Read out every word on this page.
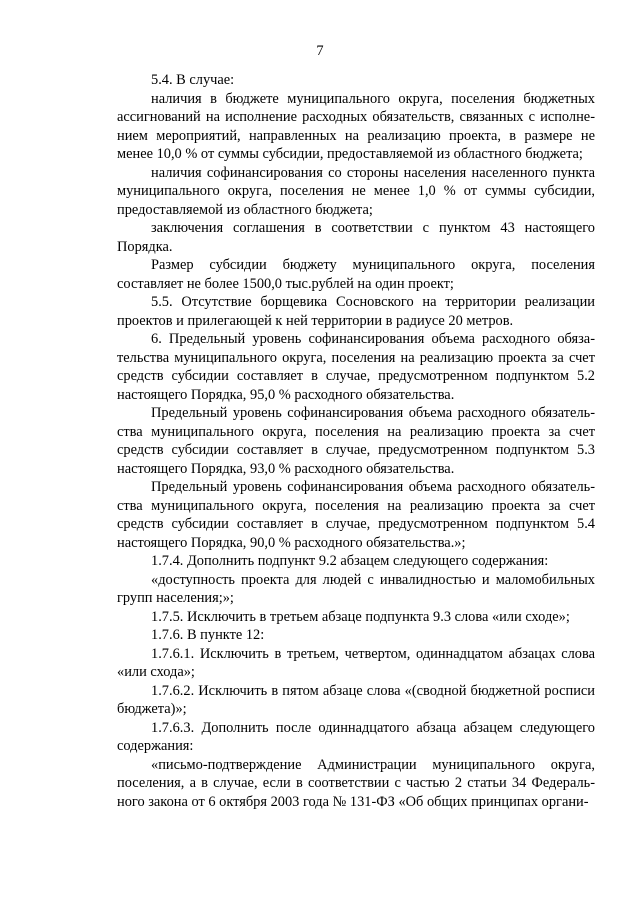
7

5.4. В случае:

наличия в бюджете муниципального округа, поселения бюджетных ассигнований на исполнение расходных обязательств, связанных с исполнением мероприятий, направленных на реализацию проекта, в размере не менее 10,0 % от суммы субсидии, предоставляемой из областного бюджета;

наличия софинансирования со стороны населения населенного пункта муниципального округа, поселения не менее 1,0 % от суммы субсидии, предоставляемой из областного бюджета;

заключения соглашения в соответствии с пунктом 43 настоящего Порядка.

Размер субсидии бюджету муниципального округа, поселения составляет не более 1500,0 тыс.рублей на один проект;

5.5. Отсутствие борщевика Сосновского на территории реализации проектов и прилегающей к ней территории в радиусе 20 метров.

6. Предельный уровень софинансирования объема расходного обязательства муниципального округа, поселения на реализацию проекта за счет средств субсидии составляет в случае, предусмотренном подпунктом 5.2 настоящего Порядка, 95,0 % расходного обязательства.

Предельный уровень софинансирования объема расходного обязательства муниципального округа, поселения на реализацию проекта за счет средств субсидии составляет в случае, предусмотренном подпунктом 5.3 настоящего Порядка, 93,0 % расходного обязательства.

Предельный уровень софинансирования объема расходного обязательства муниципального округа, поселения на реализацию проекта за счет средств субсидии составляет в случае, предусмотренном подпунктом 5.4 настоящего Порядка, 90,0 % расходного обязательства.»;

1.7.4. Дополнить подпункт 9.2 абзацем следующего содержания:

«доступность проекта для людей с инвалидностью и маломобильных групп населения;»;

1.7.5. Исключить в третьем абзаце подпункта 9.3 слова «или сходе»;

1.7.6. В пункте 12:

1.7.6.1. Исключить в третьем, четвертом, одиннадцатом абзацах слова «или схода»;

1.7.6.2. Исключить в пятом абзаце слова «(сводной бюджетной росписи бюджета)»;

1.7.6.3. Дополнить после одиннадцатого абзаца абзацем следующего содержания:

«письмо-подтверждение Администрации муниципального округа, поселения, а в случае, если в соответствии с частью 2 статьи 34 Федерального закона от 6 октября 2003 года № 131-ФЗ «Об общих принципах органи-
